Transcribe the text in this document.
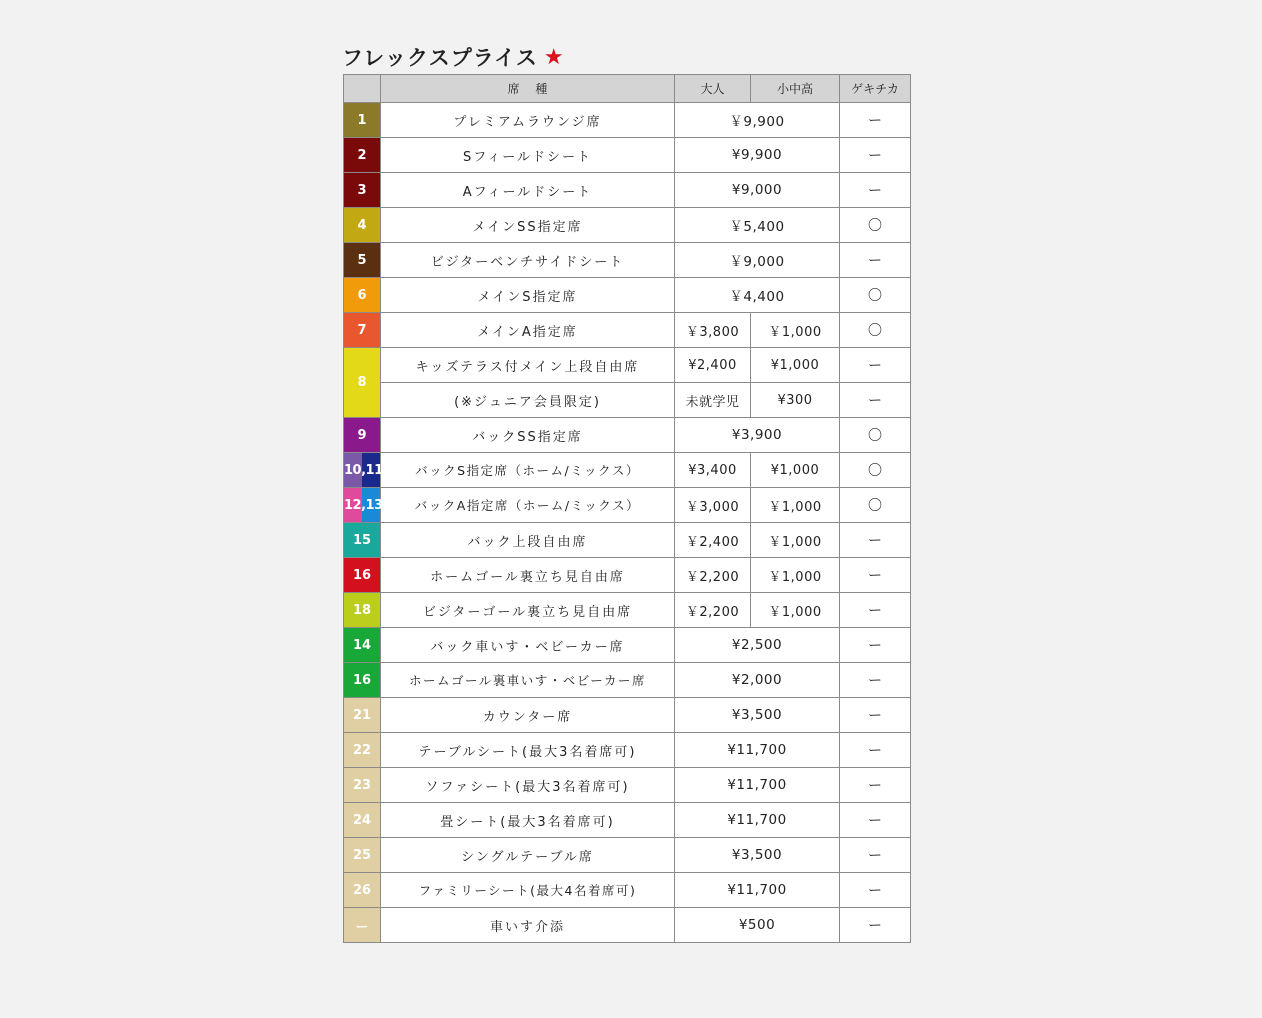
フレックスプライス ★
	席　 種	大人	小中高	ゲキチカ
1	プレミアムラウンジ席	￥9,900		ー
2	Sフィールドシート	¥9,900		ー
3	Aフィールドシート	¥9,000		ー
4	メインSS指定席	￥5,400		〇
5	ビジターベンチサイドシート	￥9,000		ー
6	メインS指定席	￥4,400		〇
7	メインA指定席	￥3,800	￥1,000	〇
8	キッズテラス付メイン上段自由席	¥2,400	¥1,000	ー
	(※ジュニア会員限定)	未就学児	¥300	ー
9	バックSS指定席	¥3,900		〇

10,11	バックS指定席（ホーム/ミックス）	¥3,400	¥1,000	〇

12,13	バックA指定席（ホーム/ミックス）	￥3,000	￥1,000	〇
15	バック上段自由席	￥2,400	￥1,000	ー
16	ホームゴール裏立ち見自由席	￥2,200	￥1,000	ー
18	ビジターゴール裏立ち見自由席	￥2,200	￥1,000	ー
14	バック車いす・ベビーカー席	¥2,500		ー
16	ホームゴール裏車いす・ベビーカー席	¥2,000		ー
21	カウンター席	¥3,500		ー
22	テーブルシート(最大3名着席可)	¥11,700		ー
23	ソファシート(最大3名着席可)	¥11,700		ー
24	畳シート(最大3名着席可)	¥11,700		ー
25	シングルテーブル席	¥3,500		ー
26	ファミリーシート(最大4名着席可)	¥11,700		ー
ー	車いす介添	¥500		ー
